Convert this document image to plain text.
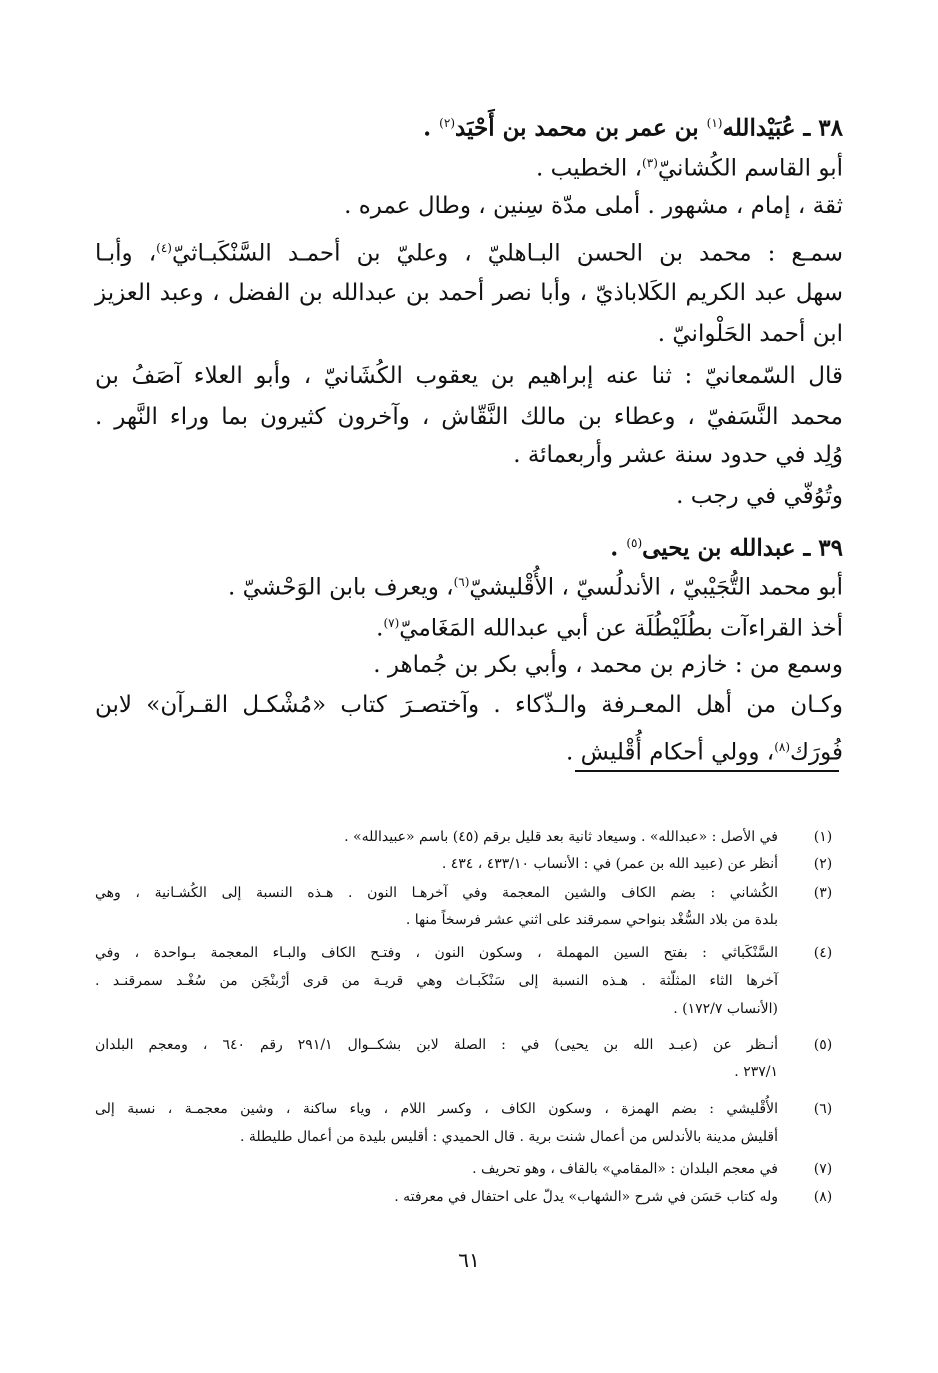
٣٨ ـ عُبَيْدالله$^{(١)}$ بن عمر بن محمد بن أَحْيَد$^{(٢)}$ .
أبو القاسم الكُشانيّ$^{(٣)}$، الخطيب .
ثقة ، إمام ، مشهور . أملى مدّة سِنين ، وطال عمره .
سمـع : محمد بن الحسن البـاهليّ ، وعليّ بن أحمـد السَّنْكَبـاثيّ$^{(٤)}$، وأبـا
سهل عبد الكريم الكَلاباذيّ ، وأبا نصر أحمد بن عبدالله بن الفضل ، وعبد العزيز
ابن أحمد الحَلْوانيّ .
قال السّمعانيّ : ثنا عنه إبراهيم بن يعقوب الكُشَانيّ ، وأبو العلاء آصَفُ بن
محمد النَّسَفيّ ، وعطاء بن مالك النَّقّاش ، وآخرون كثيرون بما وراء النَّهر .
وُلِد في حدود سنة عشر وأربعمائة .
وتُوُفّي في رجب .
٣٩ ـ عبدالله بن يحيى$^{(٥)}$ .
أبو محمد التُّجَيْبيّ ، الأندلُسيّ ، الأُقْليشيّ$^{(٦)}$، ويعرف بابن الوَحْشيّ .
أخذ القراءآت بطُلَيْطُلَة عن أبي عبدالله المَغَاميّ$^{(٧)}$.
وسمع من : خازم بن محمد ، وأبي بكر بن جُماهر .
وكـان من أهل المعـرفة والـذّكاء . وآختصـرَ كتاب «مُشْكـل القـرآن» لابن
فُورَك$^{(٨)}$، وولي أحكام أُقْليش .
(١)
في الأصل : «عبدالله» . وسيعاد ثانية بعد قليل برقم (٤٥) باسم «عبيدالله» .
(٢)
أنظر عن (عبيد الله بن عمر) في : الأنساب ٤٣٣/١٠ ، ٤٣٤ .
(٣)
الكُشاني : بضم الكاف والشين المعجمة وفي آخرهـا النون . هـذه النسبة إلى الكُشـانية ، وهي
بلدة من بلاد السُّغْد بنواحي سمرقند على اثني عشر فرسخاً منها .
(٤)
السَّنْكَباثي : بفتح السين المهملة ، وسكون النون ، وفتـح الكاف والبـاء المعجمة بـواحدة ، وفي
آخرها الثاء المثلّثة . هـذه النسبة إلى سَنْكَبـاث وهي قريـة من قرى أرْبنْجَن من سُغْـد سمرقنـد .
(الأنساب ١٧٢/٧) .
(٥)
أنـظر عن (عبـد الله بن يحيى) في : الصلة لابن بشكــوال ٢٩١/١ رقم ٦٤٠ ، ومعجم البلدان
٢٣٧/١ .
(٦)
الأُقْليشي : بضم الهمزة ، وسكون الكاف ، وكسر اللام ، وياء ساكنة ، وشين معجمـة ، نسبة إلى
أقليش مدينة بالأندلس من أعمال شنت برية . قال الحميدي : أقليس بليدة من أعمال طليطلة .
(٧)
في معجم البلدان : «المقامي» بالقاف ، وهو تحريف .
(٨)
وله كتاب حَسَن في شرح «الشهاب» يدلّ على احتفال في معرفته .
٦١
